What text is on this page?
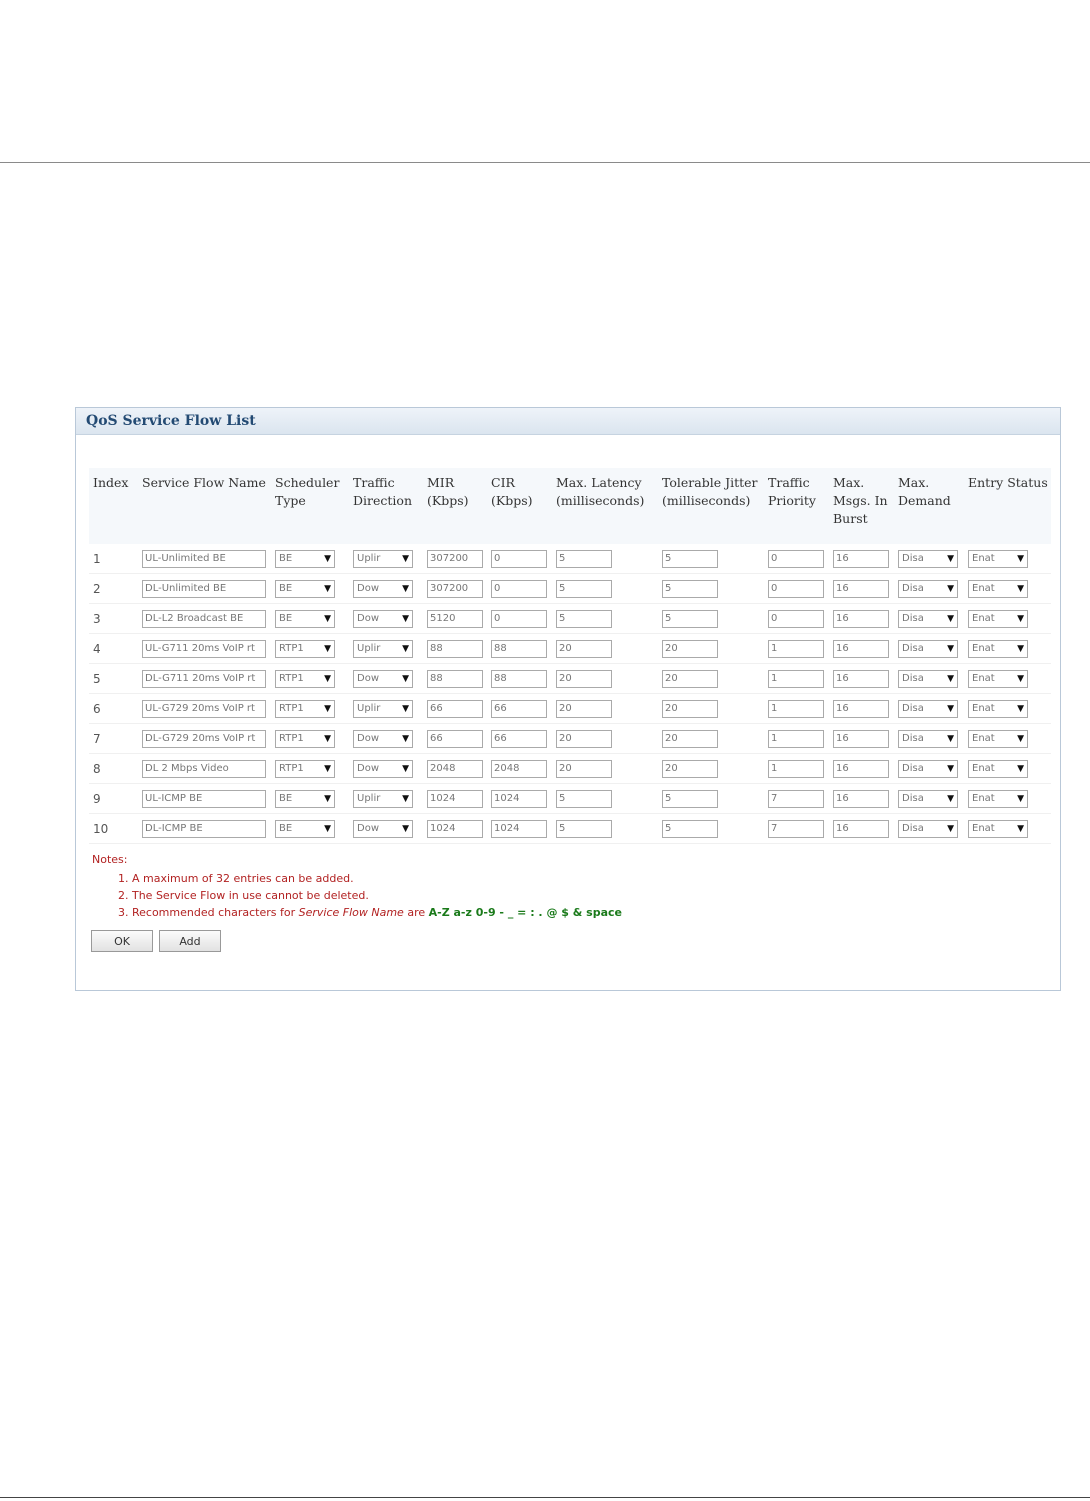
QoS Service Flow List
Index	Service Flow Name	Scheduler Type	Traffic Direction	MIR (Kbps)	CIR (Kbps)	Max. Latency (milliseconds)	Tolerable Jitter (milliseconds)	Traffic Priority	Max. Msgs. In Burst	Max. Demand	Entry Status
1	UL-Unlimited BE	BE ▼	Uplir ▼	307200	0	5	5	0	16	Disa ▼	Enat ▼

2	DL-Unlimited BE	BE ▼	Dow ▼	307200	0	5	5	0	16	Disa ▼	Enat ▼

3	DL-L2 Broadcast BE	BE ▼	Dow ▼	5120	0	5	5	0	16	Disa ▼	Enat ▼

4	UL-G711 20ms VoIP rt	RTP1 ▼	Uplir ▼	88	88	20	20	1	16	Disa ▼	Enat ▼

5	DL-G711 20ms VoIP rt	RTP1 ▼	Dow ▼	88	88	20	20	1	16	Disa ▼	Enat ▼

6	UL-G729 20ms VoIP rt	RTP1 ▼	Uplir ▼	66	66	20	20	1	16	Disa ▼	Enat ▼

7	DL-G729 20ms VoIP rt	RTP1 ▼	Dow ▼	66	66	20	20	1	16	Disa ▼	Enat ▼

8	DL 2 Mbps Video	RTP1 ▼	Dow ▼	2048	2048	20	20	1	16	Disa ▼	Enat ▼

9	UL-ICMP BE	BE ▼	Uplir ▼	1024	1024	5	5	7	16	Disa ▼	Enat ▼

10	DL-ICMP BE	BE ▼	Dow ▼	1024	1024	5	5	7	16	Disa ▼	Enat ▼
Notes:
1. A maximum of 32 entries can be added.
2. The Service Flow in use cannot be deleted.
3. Recommended characters for Service Flow Name are A-Z a-z 0-9 - _ = : . @ $ & space
OK	Add
